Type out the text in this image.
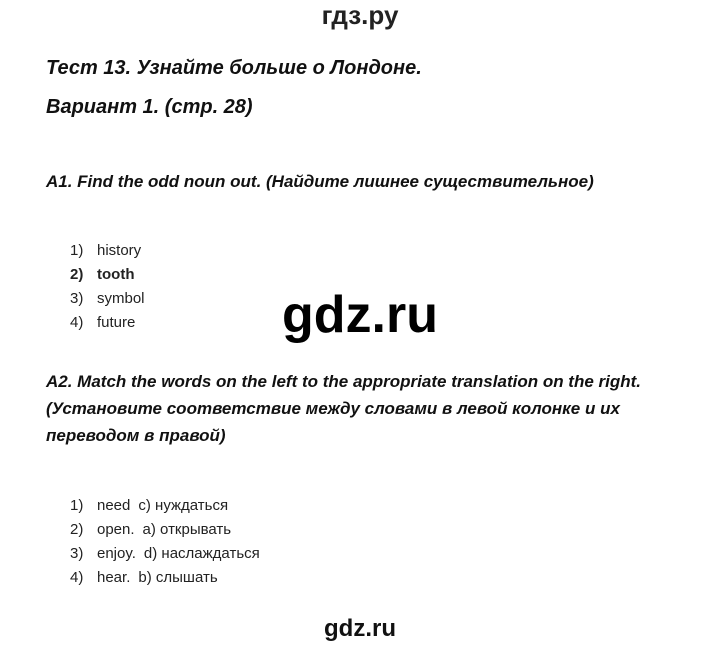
гдз.ру
Тест 13. Узнайте больше о Лондоне.
Вариант 1. (стр. 28)
A1. Find the odd noun out. (Найдите лишнее существительное)
1) history
2) tooth
3) symbol
4) future	gdz.ru
A2. Match the words on the left to the appropriate translation on the right.
(Установите соответствие между словами в левой колонке и их
переводом в правой)
1) need c) нуждаться
2) open. a) открывать
3) enjoy. d) наслаждаться
4) hear. b) слышать
gdz.ru
